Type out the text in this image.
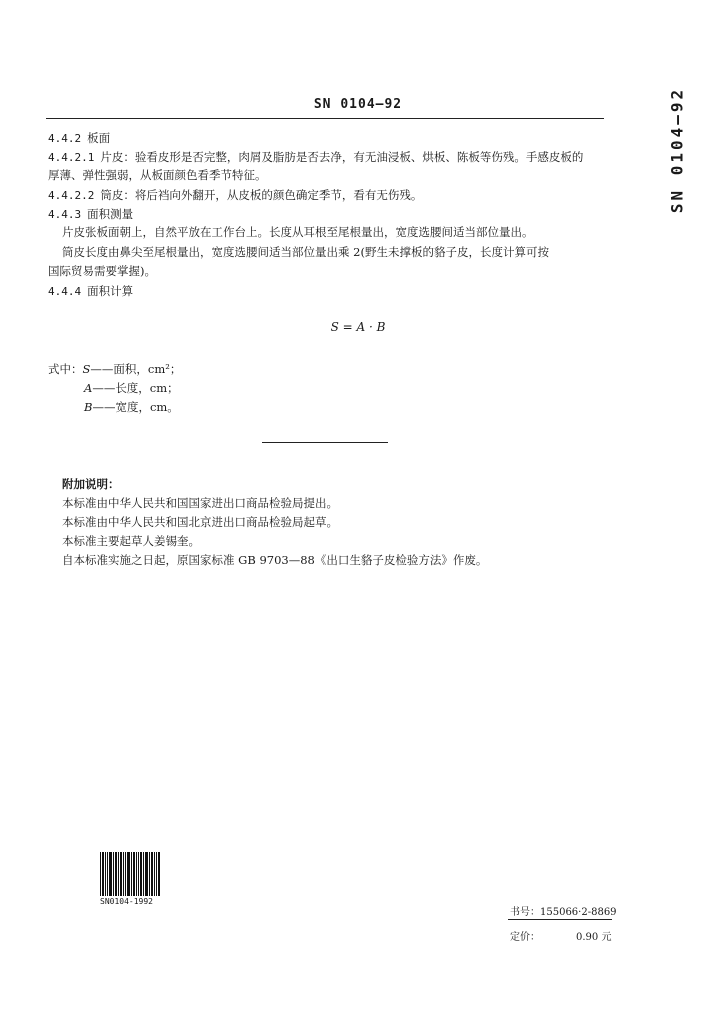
SN 0104—92	SN 0104—92
4.4.2 板面
4.4.2.1 片皮：验看皮形是否完整，肉屑及脂肪是否去净，有无油浸板、烘板、陈板等伤残。手感皮板的
厚薄、弹性强弱，从板面颜色看季节特征。
4.4.2.2 筒皮：将后裆向外翻开，从皮板的颜色确定季节，看有无伤残。
4.4.3 面积测量
片皮张板面朝上，自然平放在工作台上。长度从耳根至尾根量出，宽度选腰间适当部位量出。
筒皮长度由鼻尖至尾根量出，宽度选腰间适当部位量出乘 2(野生未撑板的貉子皮，长度计算可按
国际贸易需要掌握)。
4.4.4 面积计算
S = A · B
式中：S——面积，cm²；
A——长度，cm；
B——宽度，cm。
附加说明：
本标准由中华人民共和国国家进出口商品检验局提出。
本标准由中华人民共和国北京进出口商品检验局起草。
本标准主要起草人姜锡奎。
自本标准实施之日起，原国家标准 GB 9703—88《出口生貉子皮检验方法》作废。
SN0104-1992
书号：155066·2-8869
定价：	0.90 元
